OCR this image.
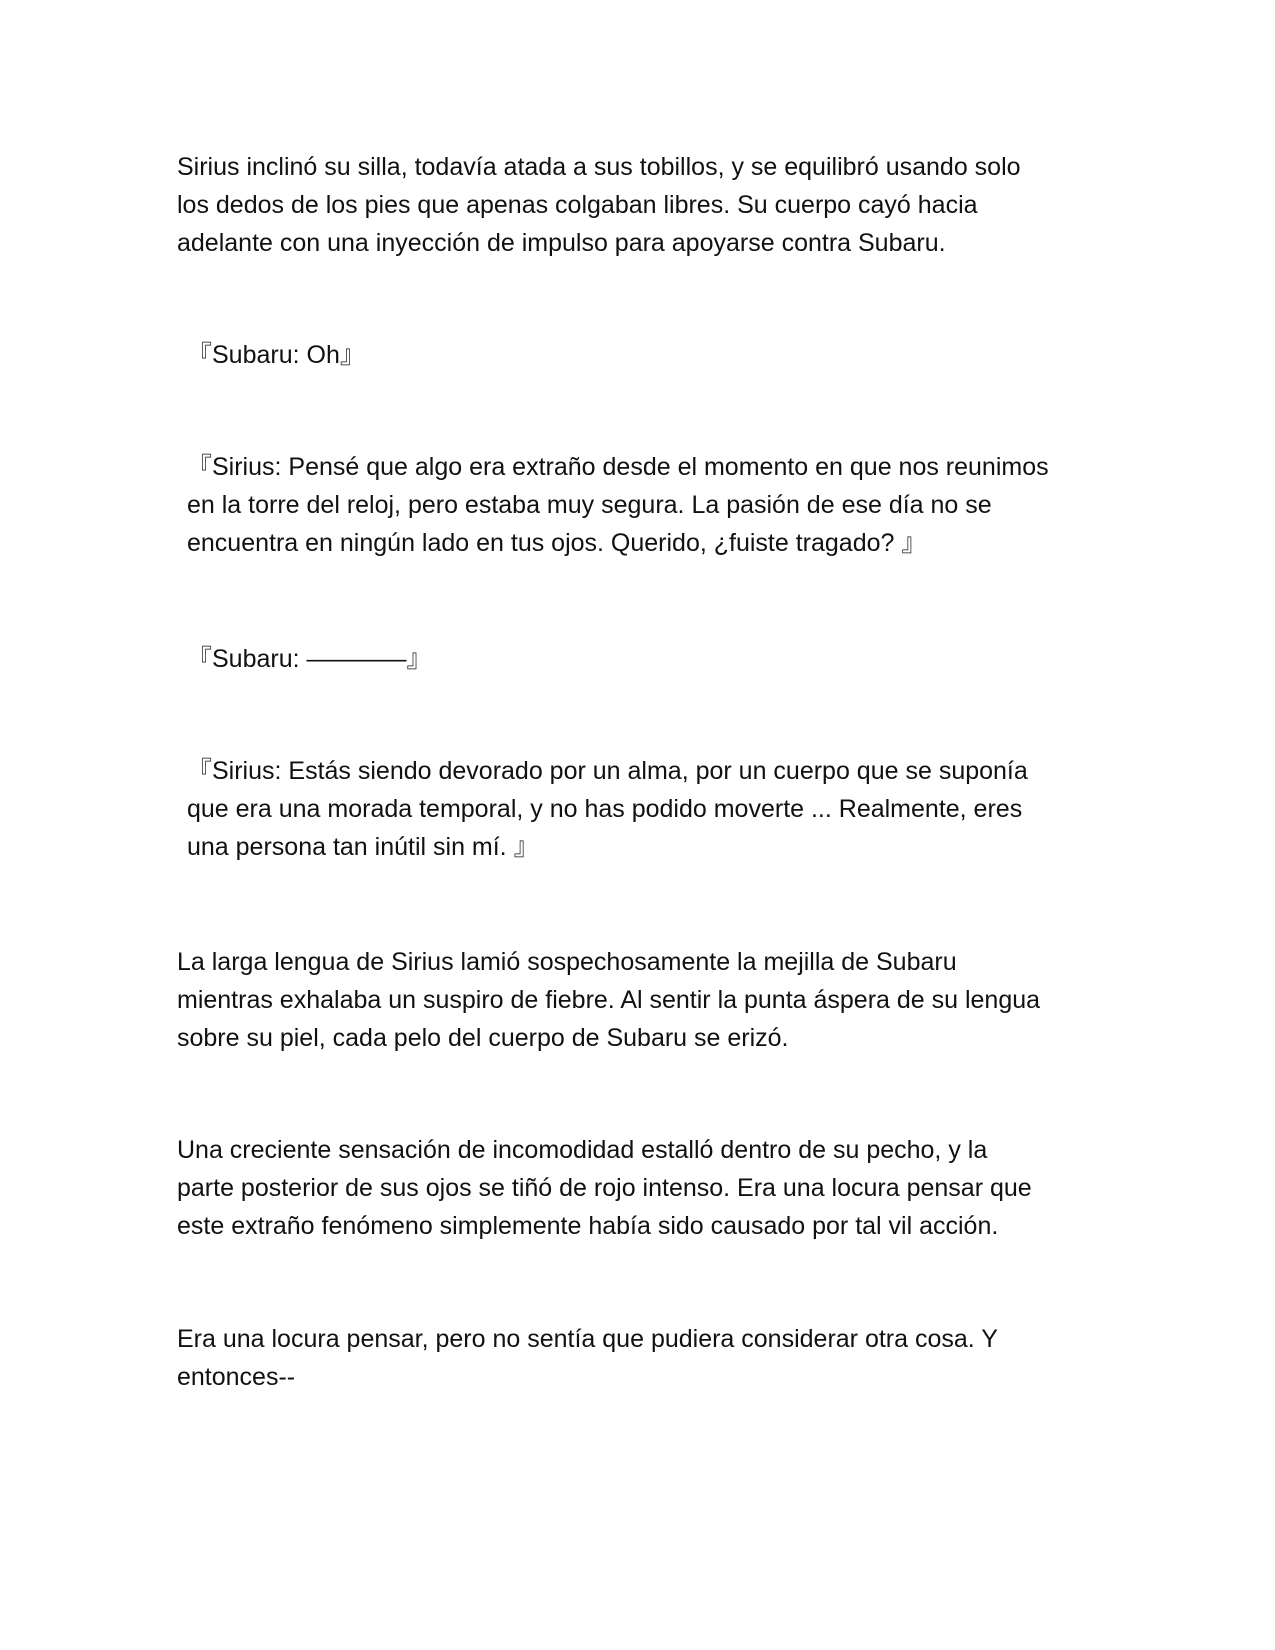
Sirius inclinó su silla, todavía atada a sus tobillos, y se equilibró usando solo
los dedos de los pies que apenas colgaban libres. Su cuerpo cayó hacia
adelante con una inyección de impulso para apoyarse contra Subaru.

『Subaru: Oh』

『Sirius: Pensé que algo era extraño desde el momento en que nos reunimos
en la torre del reloj, pero estaba muy segura. La pasión de ese día no se
encuentra en ningún lado en tus ojos. Querido, ¿fuiste tragado? 』

『Subaru: ————』

『Sirius: Estás siendo devorado por un alma, por un cuerpo que se suponía
que era una morada temporal, y no has podido moverte ... Realmente, eres
una persona tan inútil sin mí. 』

La larga lengua de Sirius lamió sospechosamente la mejilla de Subaru
mientras exhalaba un suspiro de fiebre. Al sentir la punta áspera de su lengua
sobre su piel, cada pelo del cuerpo de Subaru se erizó.

Una creciente sensación de incomodidad estalló dentro de su pecho, y la
parte posterior de sus ojos se tiñó de rojo intenso. Era una locura pensar que
este extraño fenómeno simplemente había sido causado por tal vil acción.

Era una locura pensar, pero no sentía que pudiera considerar otra cosa. Y
entonces--
